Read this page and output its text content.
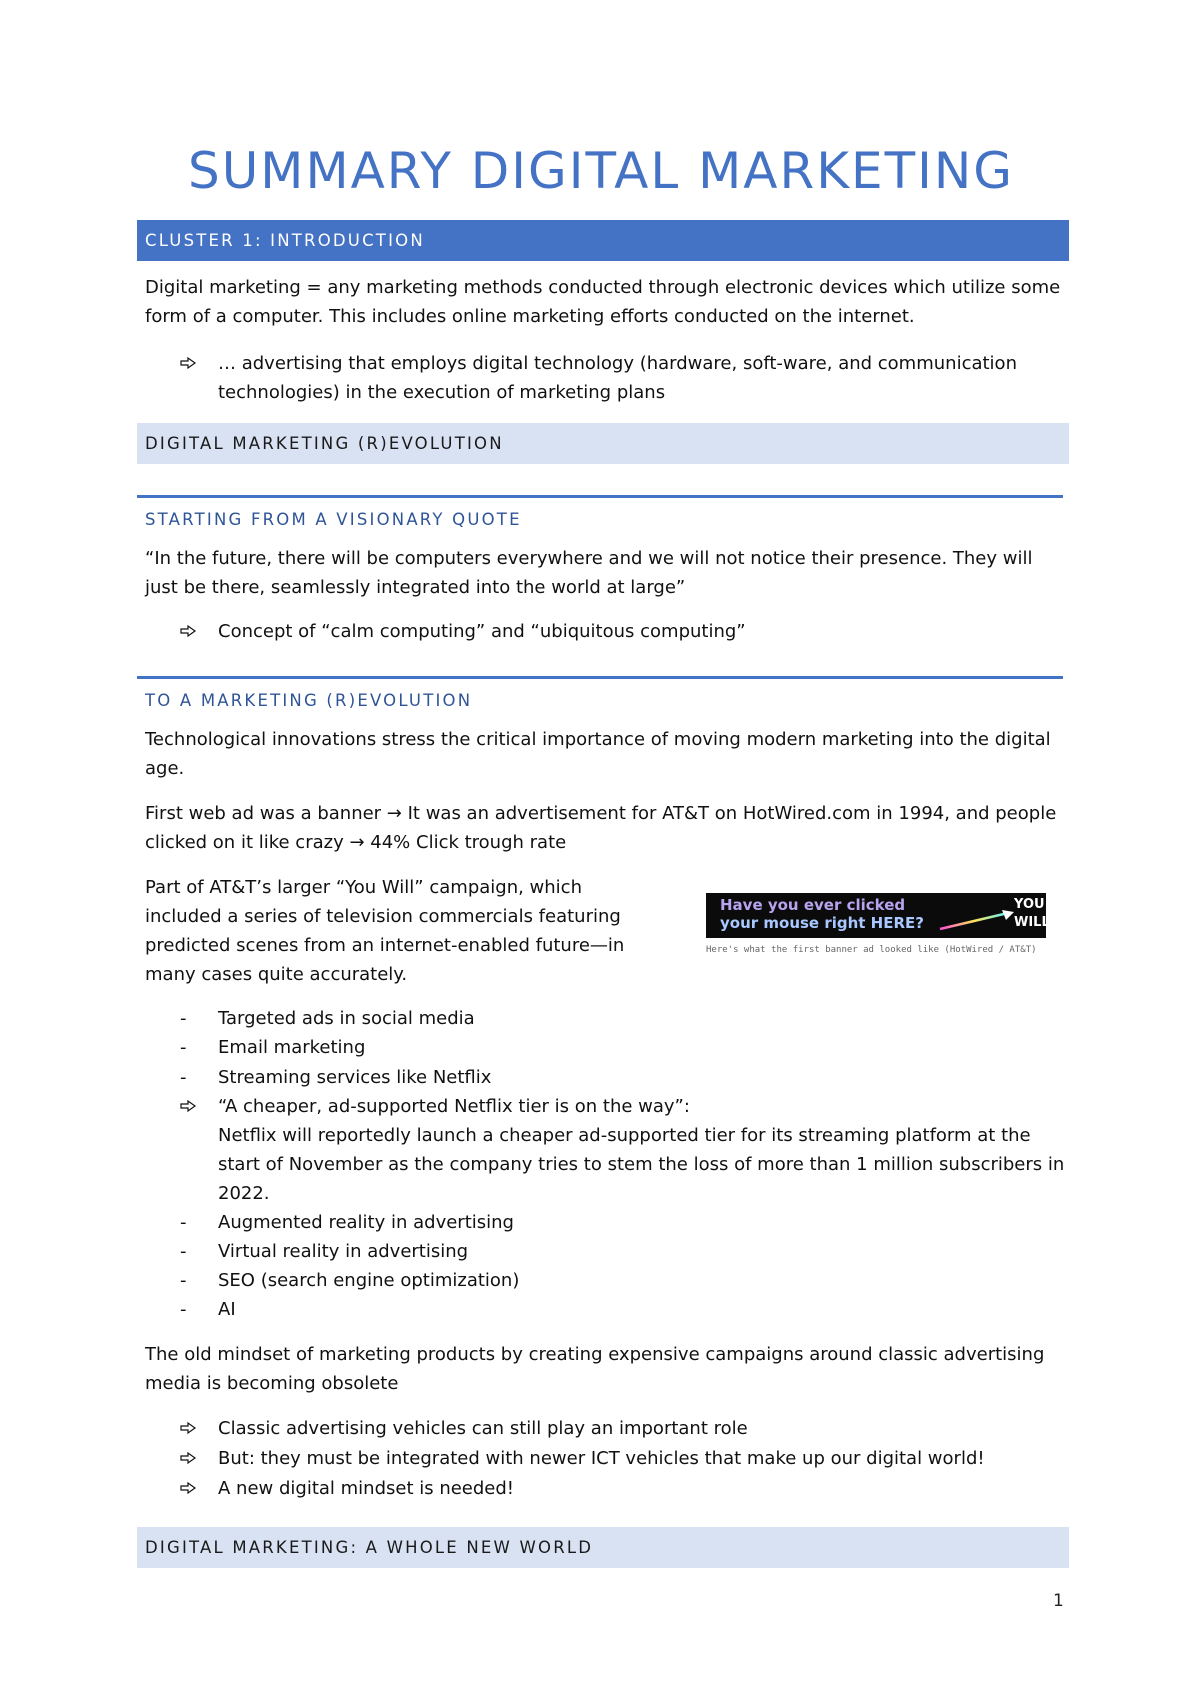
SUMMARY DIGITAL MARKETING
CLUSTER 1: INTRODUCTION

Digital marketing = any marketing methods conducted through electronic devices which utilize some form of a computer. This includes online marketing efforts conducted on the internet.

… advertising that employs digital technology (hardware, soft-ware, and communication technologies) in the execution of marketing plans
DIGITAL MARKETING (R)EVOLUTION
STARTING FROM A VISIONARY QUOTE

“In the future, there will be computers everywhere and we will not notice their presence. They will just be there, seamlessly integrated into the world at large”

Concept of “calm computing” and “ubiquitous computing”
TO A MARKETING (R)EVOLUTION

Technological innovations stress the critical importance of moving modern marketing into the digital age.

First web ad was a banner → It was an advertisement for AT&T on HotWired.com in 1994, and people clicked on it like crazy → 44% Click trough rate

Part of AT&T’s larger “You Will” campaign, which included a series of television commercials featuring predicted scenes from an internet-enabled future—in many cases quite accurately.

Have you ever clicked
your mouse right HERE?
YOU
WILL
Here's what the first banner ad looked like (HotWired / AT&T)
-	Targeted ads in social media
-	Email marketing
-	Streaming services like Netflix
“A cheaper, ad-supported Netflix tier is on the way”:
Netflix will reportedly launch a cheaper ad-supported tier for its streaming platform at the start of November as the company tries to stem the loss of more than 1 million subscribers in 2022.
-	Augmented reality in advertising
-	Virtual reality in advertising
-	SEO (search engine optimization)
-	AI

The old mindset of marketing products by creating expensive campaigns around classic advertising media is becoming obsolete

Classic advertising vehicles can still play an important role
But: they must be integrated with newer ICT vehicles that make up our digital world!
A new digital mindset is needed!
DIGITAL MARKETING: A WHOLE NEW WORLD
1
